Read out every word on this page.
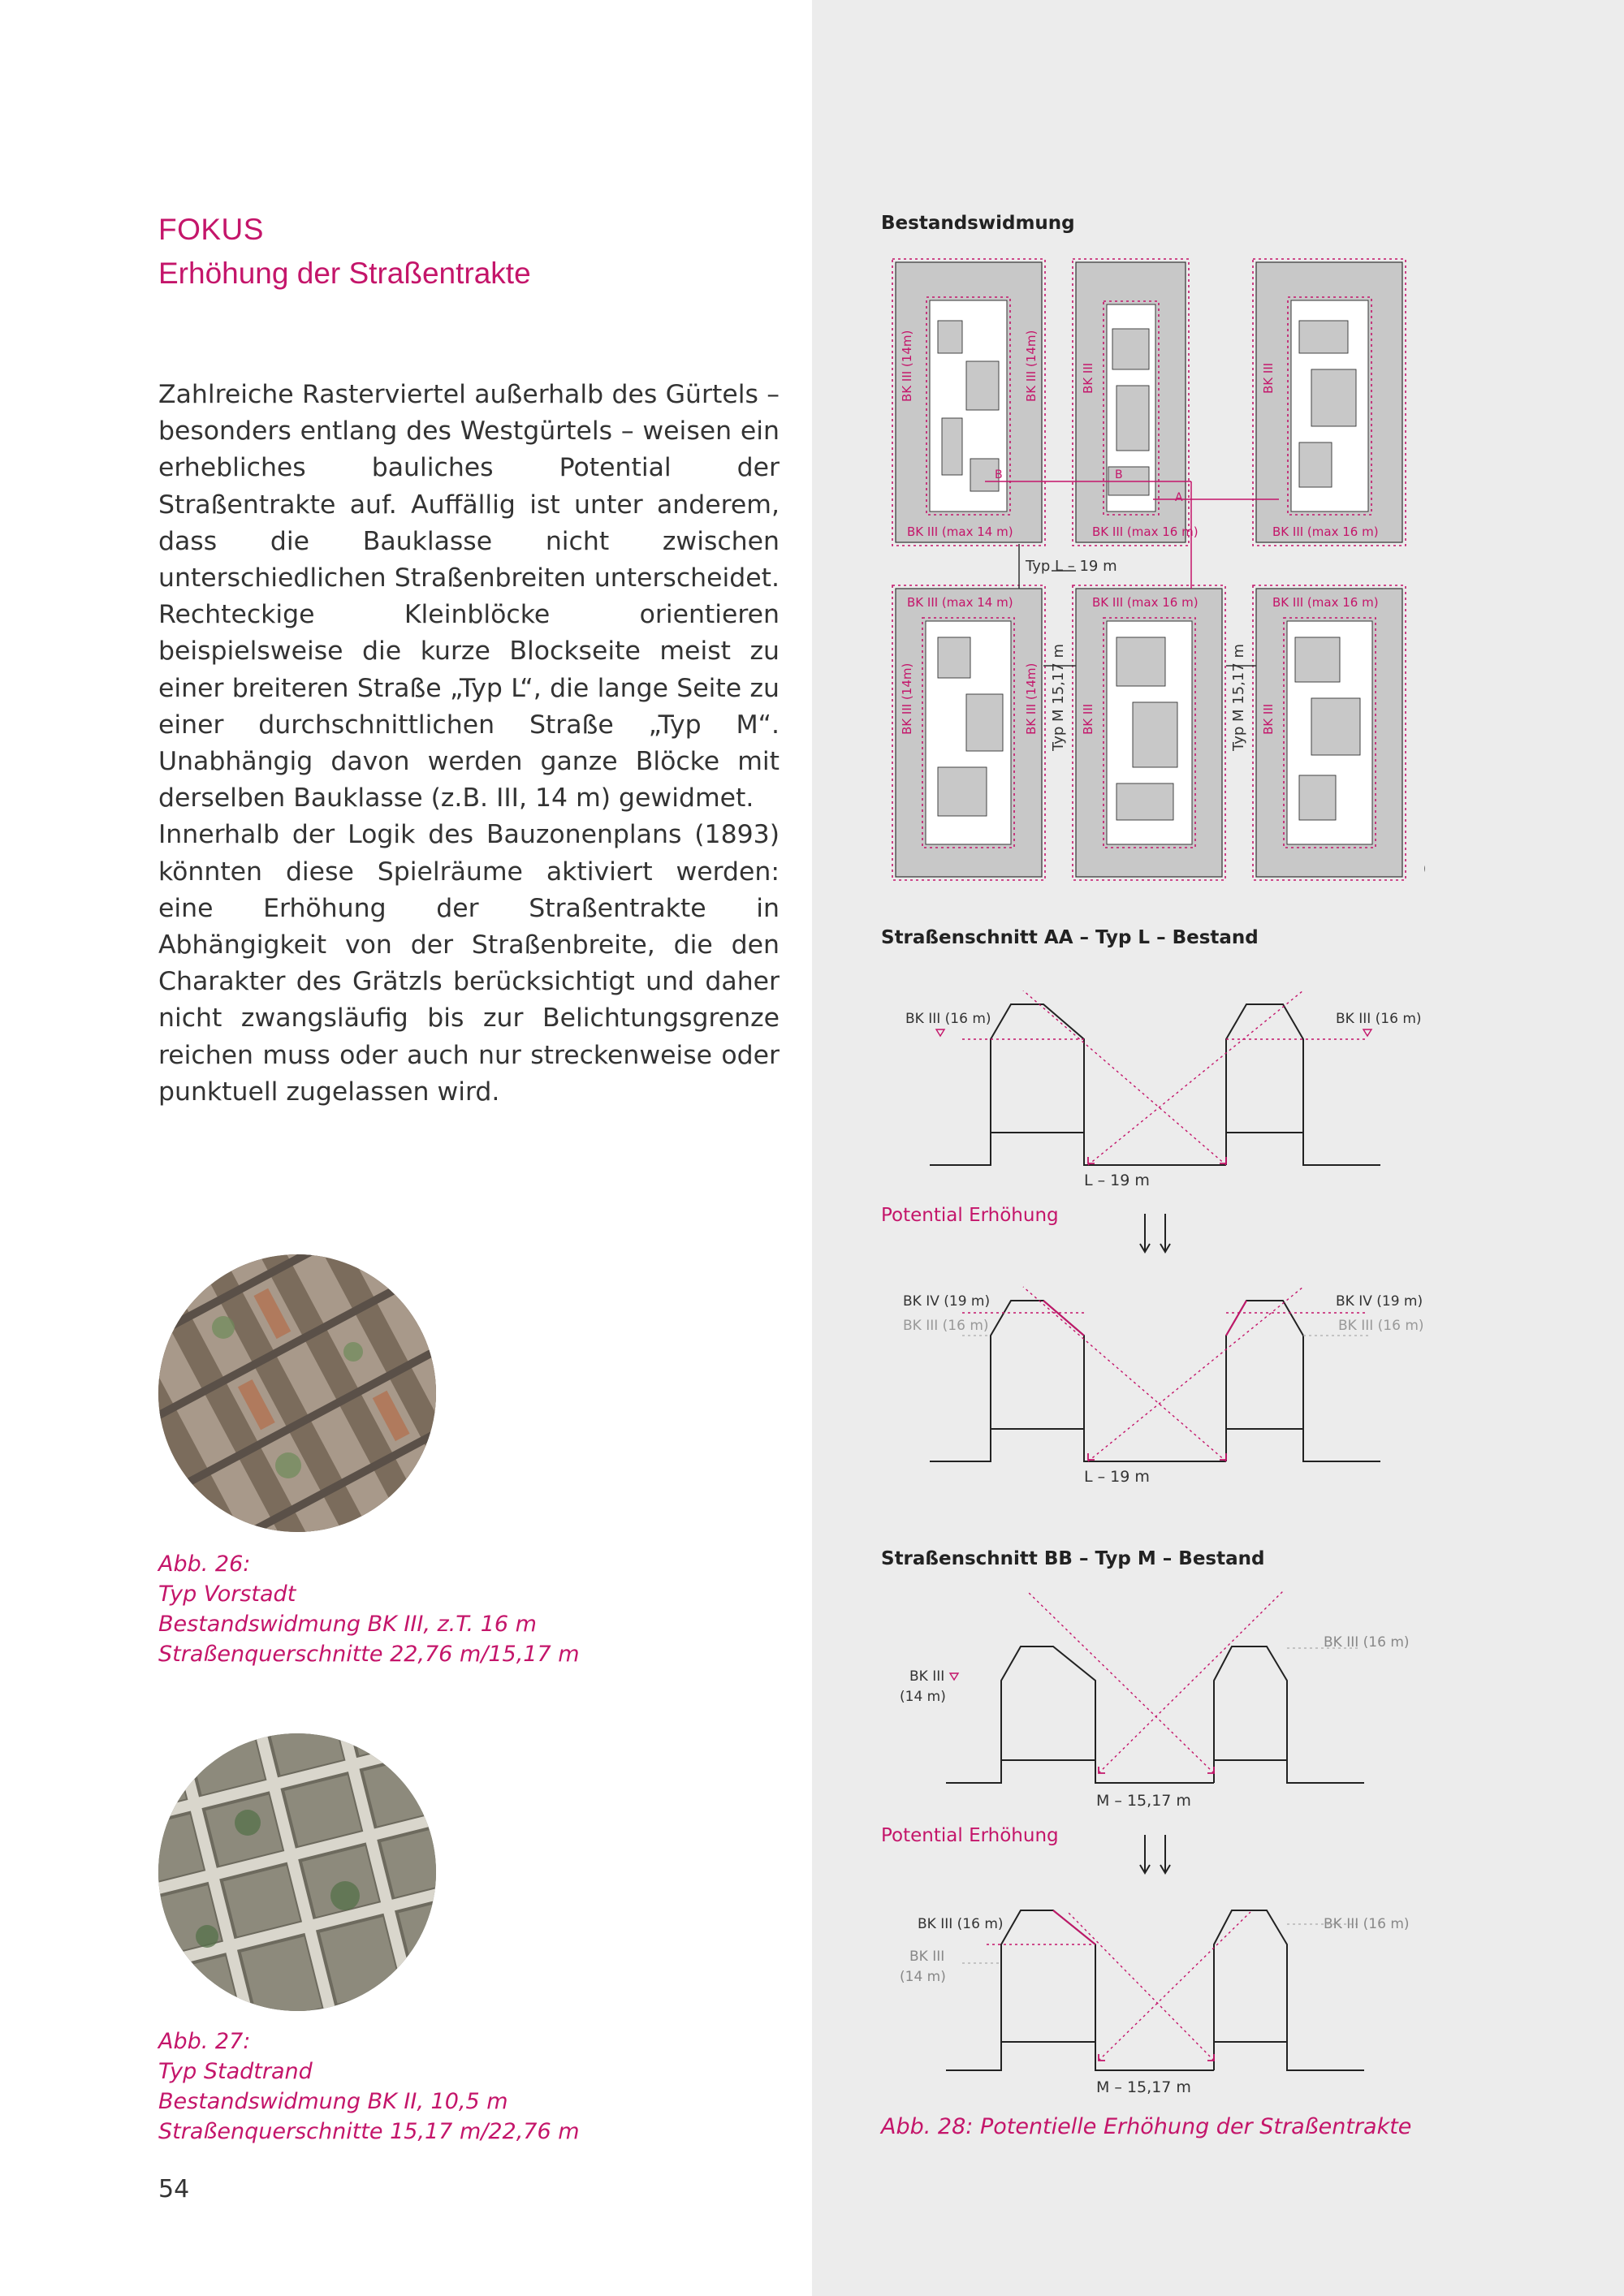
FOKUS
Erhöhung der Straßentrakte

Zahlreiche Rasterviertel außerhalb des Gürtels – besonders entlang des Westgürtels – weisen ein erhebliches bauliches Potential der Straßentrakte auf. Auffällig ist unter anderem, dass die Bauklasse nicht zwischen unterschiedlichen Straßenbreiten unterscheidet. Rechteckige Kleinblöcke orientieren beispielsweise die kurze Blockseite meist zu einer breiteren Straße „Typ L“, die lange Seite zu einer durchschnittlichen Straße „Typ M“. Unabhängig davon werden ganze Blöcke mit derselben Bauklasse (z.B. III, 14 m) gewidmet.

Innerhalb der Logik des Bauzonenplans (1893) könnten diese Spielräume aktiviert werden: eine Erhöhung der Straßentrakte in Abhängigkeit von der Straßenbreite, die den Charakter des Grätzls berücksichtigt und daher nicht zwangsläufig bis zur Belichtungsgrenze reichen muss oder auch nur streckenweise oder punktuell zugelassen wird.

Abb. 26:
Typ Vorstadt
Bestandswidmung BK III, z.T. 16 m
Straßenquerschnitte 22,76 m/15,17 m
Abb. 27:
Typ Stadtrand
Bestandswidmung BK II, 10,5 m
Straßenquerschnitte 15,17 m/22,76 m
54
Bestandswidmung
Straßenschnitt AA – Typ L – Bestand
Straßenschnitt BB – Typ M – Bestand
Potential Erhöhung
Potential Erhöhung
Abb. 28: Potentielle Erhöhung der Straßentrakte
BK III (max 14 m)	BK III (max 16 m)	BK III (max 16 m)
BK III (max 14 m)	BK III (max 16 m)	BK III (max 16 m)
B	B
A
BK III (14m)	BK III (14m)	BK III	BK III
BK III (14m)	BK III (14m)	BK III	BK III
Typ L – 19 m
Typ M 15,17 m	Typ M 15,17 m
BK III (16 m)	BK III (16 m)
L – 19 m
BK IV (19 m)
BK III (16 m)
BK IV (19 m)
BK III (16 m)
L – 19 m
BK III
(14 m)
BK III (16 m)
M – 15,17 m
BK III (16 m)
BK III
(14 m)
BK III (16 m)
M – 15,17 m
